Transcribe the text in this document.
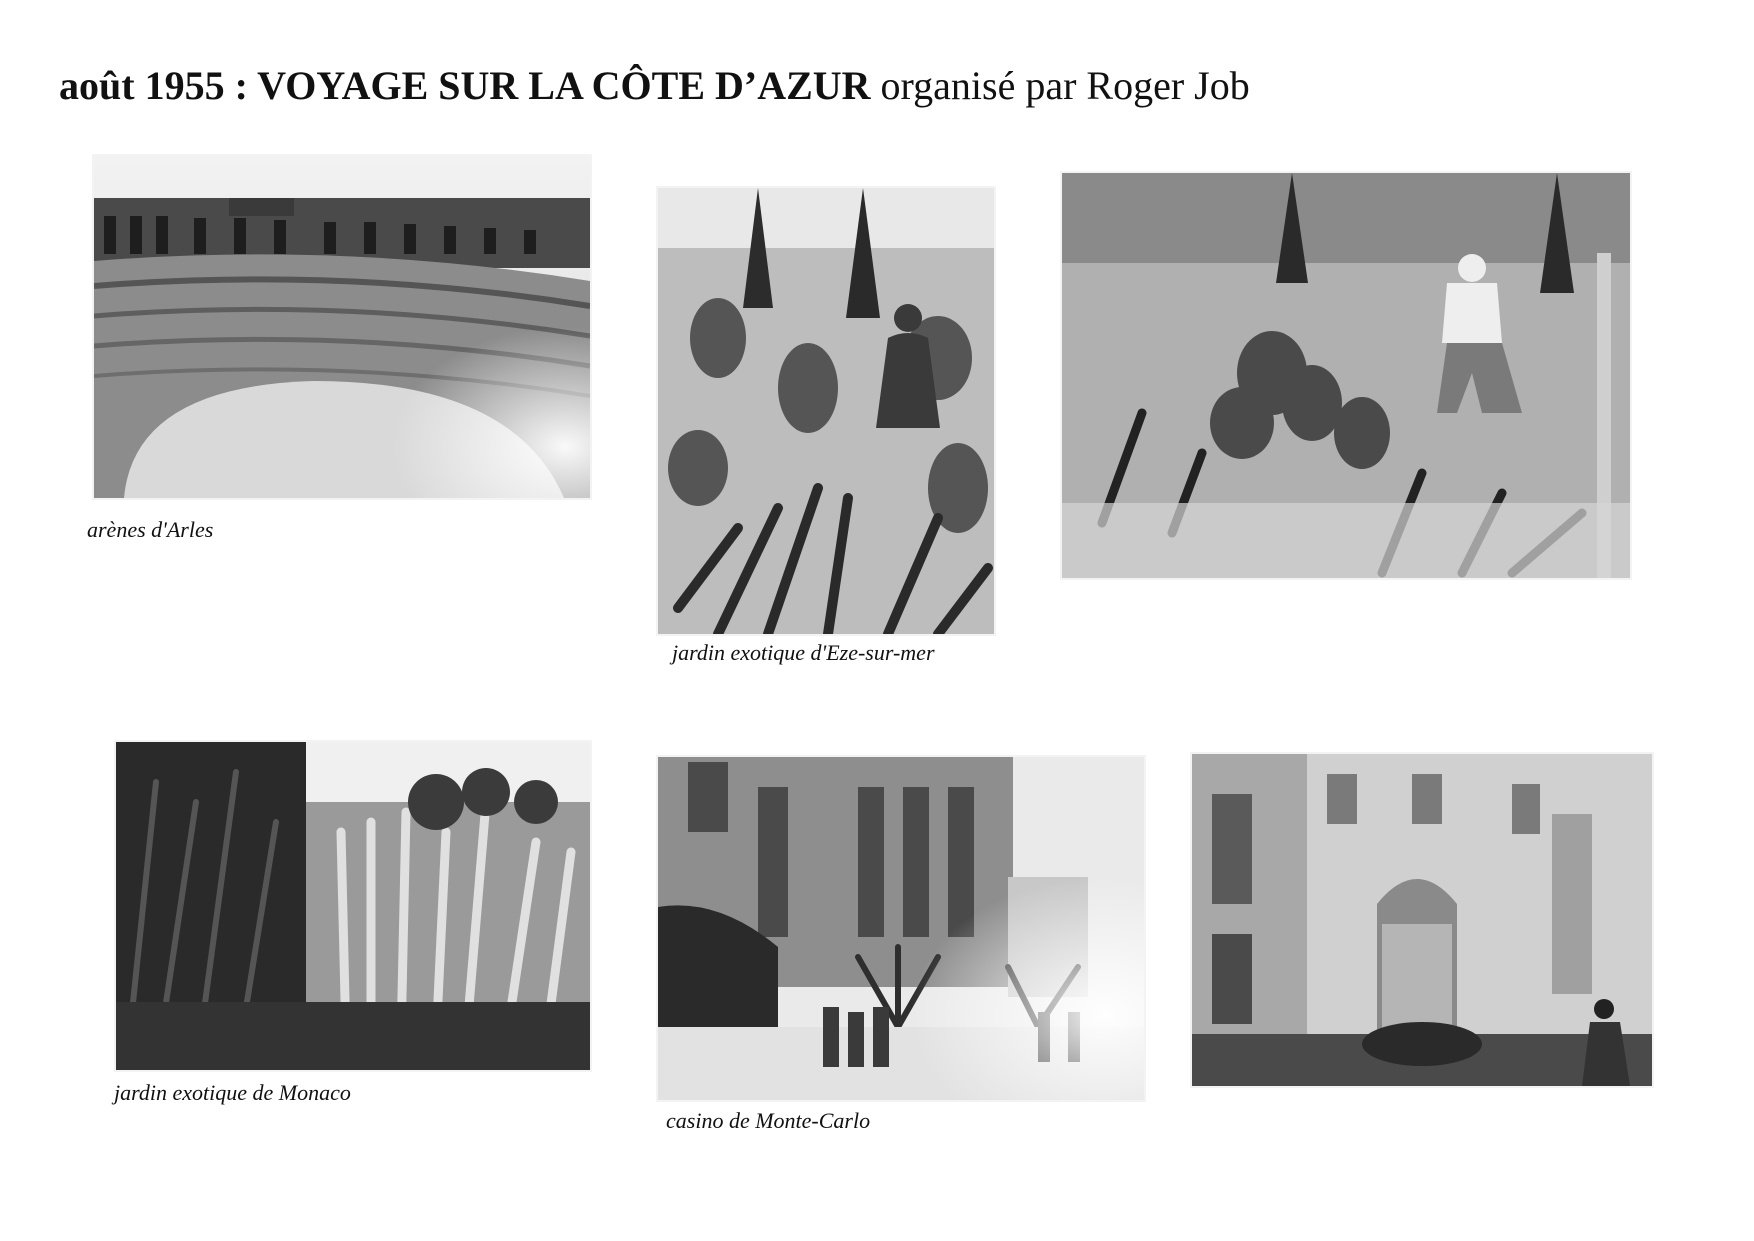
août 1955 : VOYAGE SUR LA CÔTE D’AZUR organisé par Roger Job
arènes d'Arles
jardin exotique d'Eze-sur-mer
jardin exotique de Monaco
casino de Monte-Carlo
